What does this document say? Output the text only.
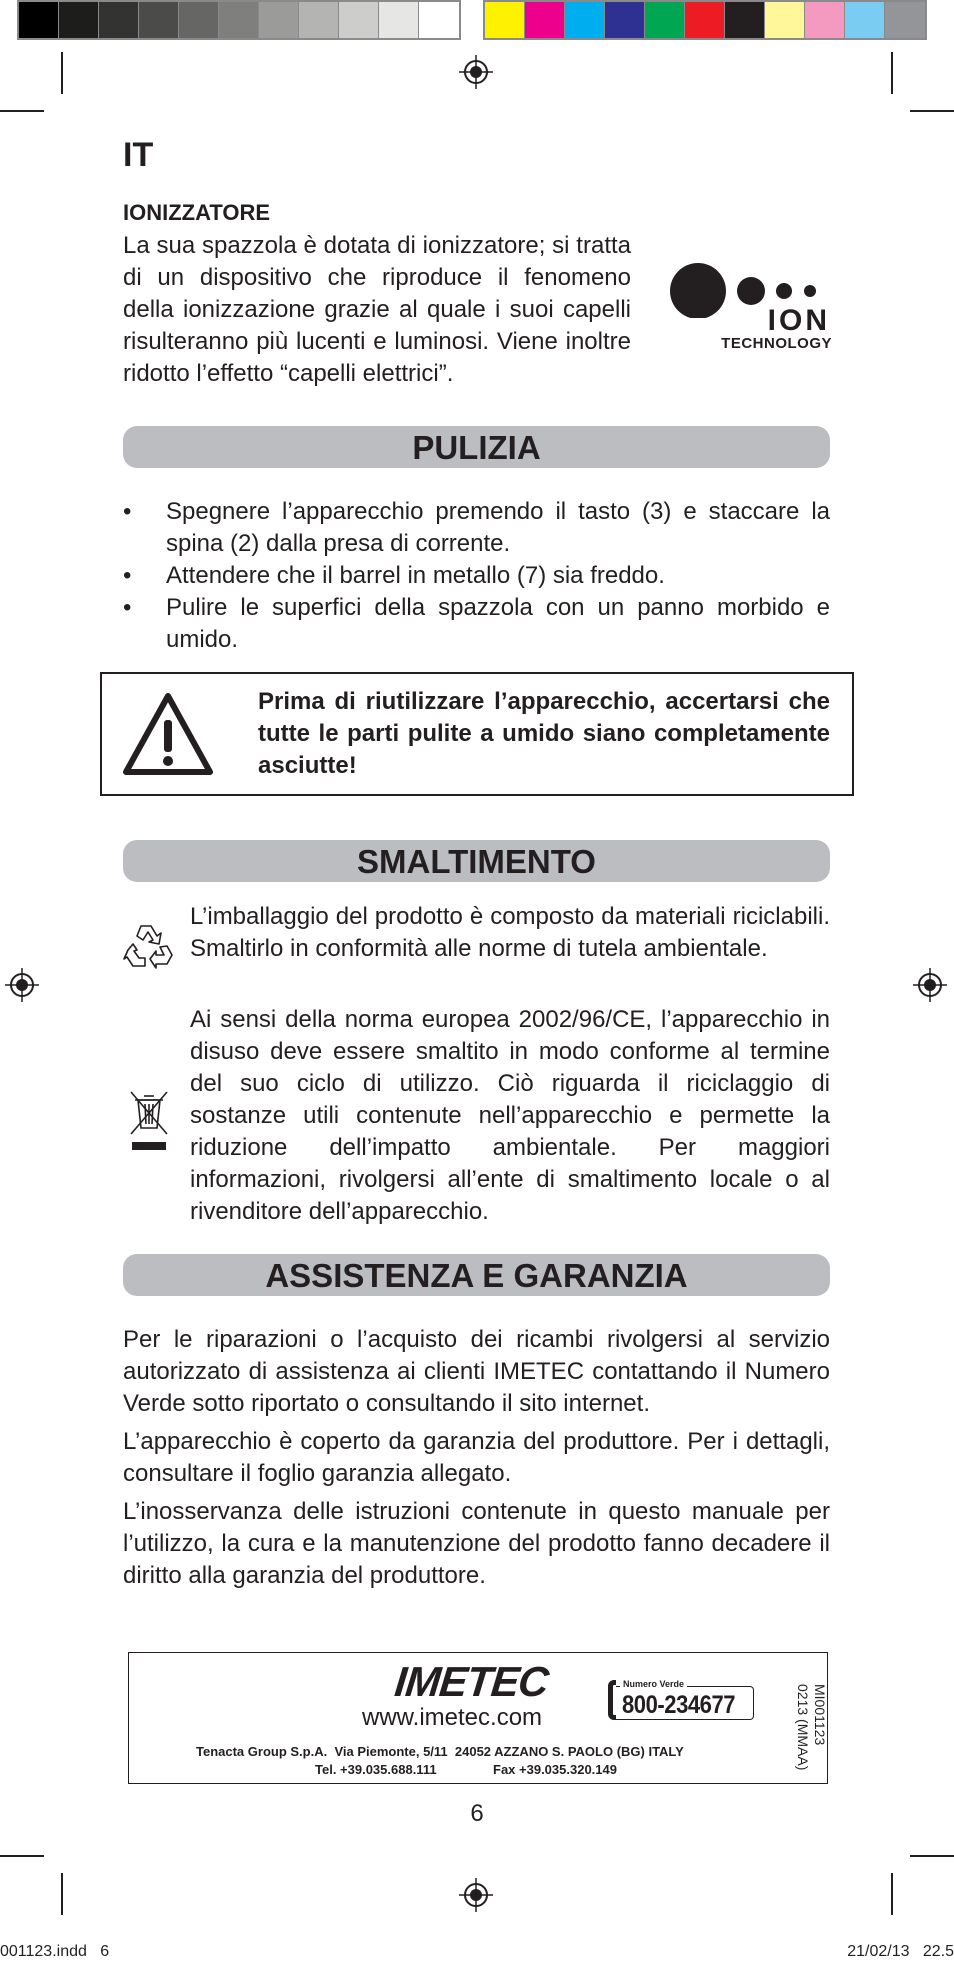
IT
IONIZZATORE

La sua spazzola è dotata di ionizzatore; si tratta di un dispositivo che riproduce il fenomeno della ionizzazione grazie al quale i suoi capelli risulteranno più lucenti e luminosi. Viene inoltre ridotto l’effetto “capelli elettrici”.

ION
TECHNOLOGY
PULIZIA
• Spegnere l’apparecchio premendo il tasto (3) e staccare la spina (2) dalla presa di corrente.
• Attendere che il barrel in metallo (7) sia freddo.
• Pulire le superfici della spazzola con un panno morbido e umido.

Prima di riutilizzare l’apparecchio, accertarsi che tutte le parti pulite a umido siano completamente asciutte!

SMALTIMENTO

L’imballaggio del prodotto è composto da materiali riciclabili. Smaltirlo in conformità alle norme di tutela ambientale.

Ai sensi della norma europea 2002/96/CE, l’apparecchio in disuso deve essere smaltito in modo conforme al termine del suo ciclo di utilizzo. Ciò riguarda il riciclaggio di sostanze utili contenute nell’apparecchio e permette la riduzione dell’impatto ambientale. Per maggiori informazioni, rivolgersi all’ente di smaltimento locale o al rivenditore dell’apparecchio.

ASSISTENZA E GARANZIA

Per le riparazioni o l’acquisto dei ricambi rivolgersi al servizio autorizzato di assistenza ai clienti IMETEC contattando il Numero Verde sotto riportato o consultando il sito internet.

L’apparecchio è coperto da garanzia del produttore. Per i dettagli, consultare il foglio garanzia allegato.

L’inosservanza delle istruzioni contenute in questo manuale per l’utilizzo, la cura e la manutenzione del prodotto fanno decadere il diritto alla garanzia del produttore.

IMETEC
www.imetec.com
Numero Verde
800-234677	MI001123
0213 (MMAA)
Tenacta Group S.p.A.  Via Piemonte, 5/11  24052 AZZANO S. PAOLO (BG) ITALY
Tel. +39.035.688.111	Fax +39.035.320.149
6
001123.indd   6	21/02/13   22.5
